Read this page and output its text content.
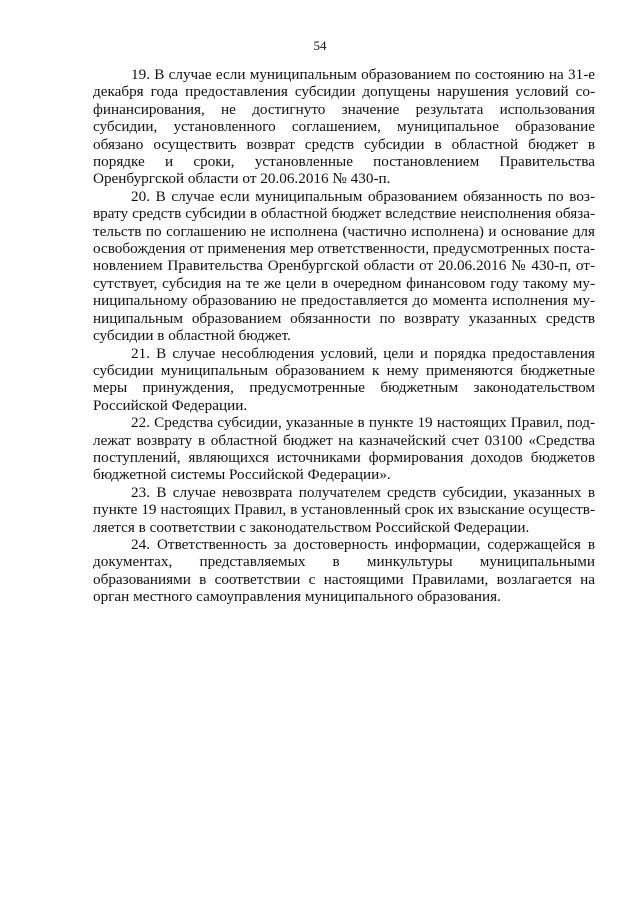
54

19. В случае если муниципальным образованием по состоянию на 31-е декабря года предоставления субсидии допущены нарушения условий софинансирования, не достигнуто значение результата использования субсидии, установленного соглашением, муниципальное образование обязано осуществить возврат средств субсидии в областной бюджет в порядке и сроки, установленные постановлением Правительства Оренбургской области от 20.06.2016 № 430-п.

20. В случае если муниципальным образованием обязанность по возврату средств субсидии в областной бюджет вследствие неисполнения обязательств по соглашению не исполнена (частично исполнена) и основание для освобождения от применения мер ответственности, предусмотренных постановлением Правительства Оренбургской области от 20.06.2016 № 430-п, отсутствует, субсидия на те же цели в очередном финансовом году такому муниципальному образованию не предоставляется до момента исполнения муниципальным образованием обязанности по возврату указанных средств субсидии в областной бюджет.

21. В случае несоблюдения условий, цели и порядка предоставления субсидии муниципальным образованием к нему применяются бюджетные меры принуждения, предусмотренные бюджетным законодательством Российской Федерации.

22. Средства субсидии, указанные в пункте 19 настоящих Правил, подлежат возврату в областной бюджет на казначейский счет 03100 «Средства поступлений, являющихся источниками формирования доходов бюджетов бюджетной системы Российской Федерации».

23. В случае невозврата получателем средств субсидии, указанных в пункте 19 настоящих Правил, в установленный срок их взыскание осуществляется в соответствии с законодательством Российской Федерации.

24. Ответственность за достоверность информации, содержащейся в документах, представляемых в минкультуры муниципальными образованиями в соответствии с настоящими Правилами, возлагается на орган местного самоуправления муниципального образования.
